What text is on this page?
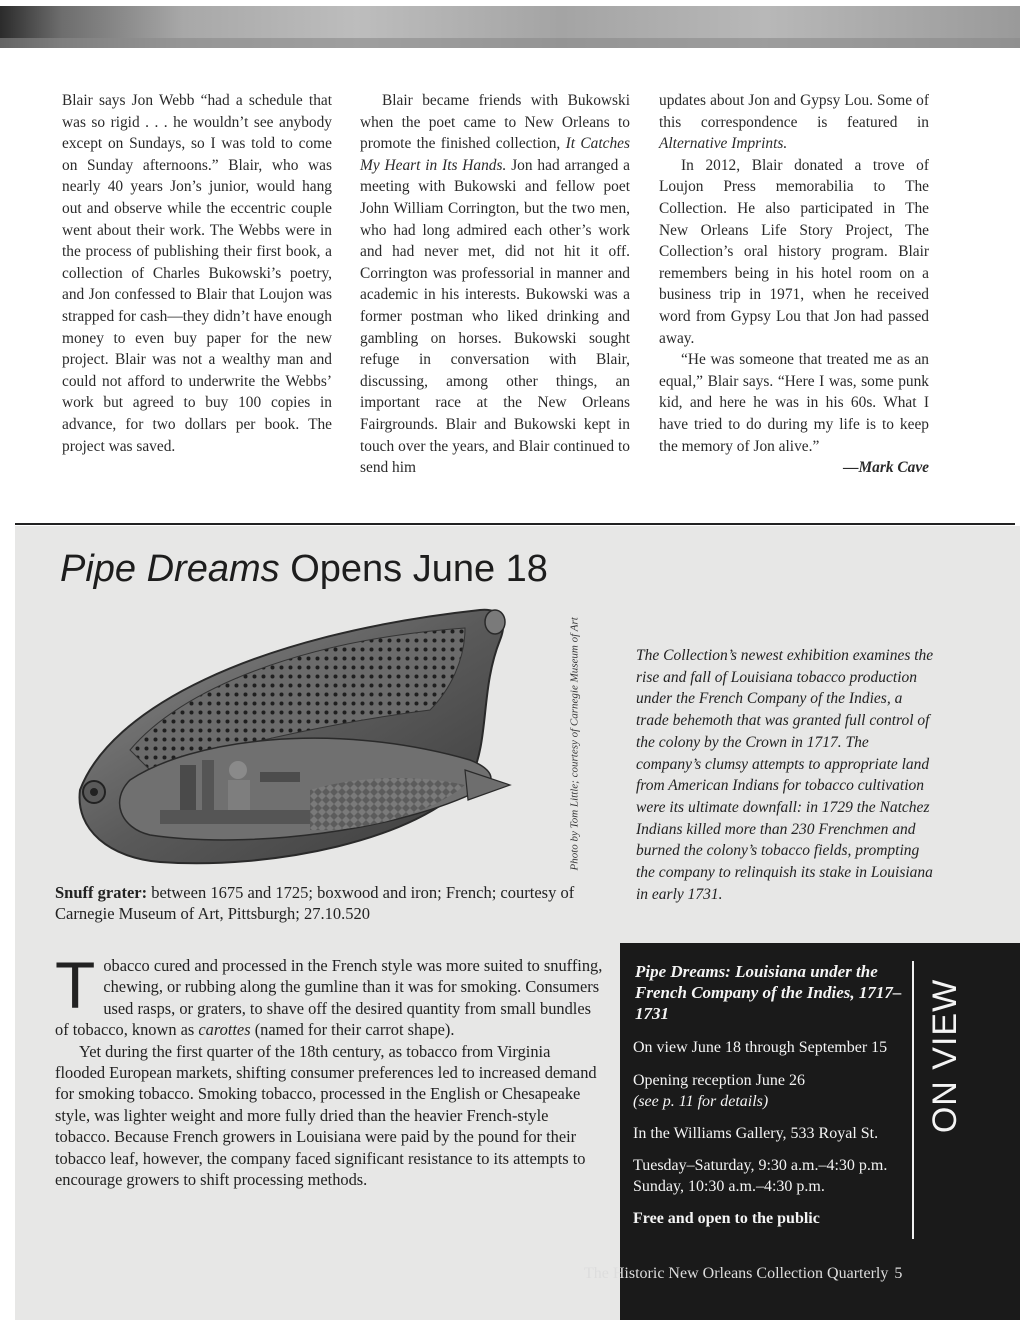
Blair says Jon Webb “had a schedule that was so rigid . . . he wouldn’t see anybody except on Sundays, so I was told to come on Sunday afternoons.” Blair, who was nearly 40 years Jon’s junior, would hang out and observe while the eccentric couple went about their work. The Webbs were in the process of publishing their first book, a collection of Charles Bukowski’s poetry, and Jon confessed to Blair that Loujon was strapped for cash—they didn’t have enough money to even buy paper for the new project. Blair was not a wealthy man and could not afford to underwrite the Webbs’ work but agreed to buy 100 copies in advance, for two dollars per book. The project was saved.

Blair became friends with Bukowski when the poet came to New Orleans to promote the finished collection, It Catches My Heart in Its Hands. Jon had arranged a meeting with Bukowski and fellow poet John William Corrington, but the two men, who had long admired each other’s work and had never met, did not hit it off. Corrington was professorial in manner and academic in his interests. Bukowski was a former postman who liked drinking and gambling on horses. Bukowski sought refuge in conversation with Blair, discussing, among other things, an important race at the New Orleans Fairgrounds. Blair and Bukowski kept in touch over the years, and Blair continued to send him

updates about Jon and Gypsy Lou. Some of this correspondence is featured in Alternative Imprints.

In 2012, Blair donated a trove of Loujon Press memorabilia to The Collection. He also participated in The New Orleans Life Story Project, The Collection’s oral history program. Blair remembers being in his hotel room on a business trip in 1971, when he received word from Gypsy Lou that Jon had passed away.

“He was someone that treated me as an equal,” Blair says. “Here I was, some punk kid, and here he was in his 60s. What I have tried to do during my life is to keep the memory of Jon alive.”

—Mark Cave

Pipe Dreams Opens June 18
Photo by Tom Little; courtesy of Carnegie Museum of Art
Snuff grater: between 1675 and 1725; boxwood and iron; French; courtesy of Carnegie Museum of Art, Pittsburgh; 27.10.520
The Collection’s newest exhibition examines the rise and fall of Louisiana tobacco production under the French Company of the Indies, a trade behemoth that was granted full control of the colony by the Crown in 1717. The company’s clumsy attempts to appropriate land from American Indians for tobacco cultivation were its ultimate downfall: in 1729 the Natchez Indians killed more than 230 Frenchmen and burned the colony’s tobacco fields, prompting the company to relinquish its stake in Louisiana in early 1731.

Tobacco cured and processed in the French style was more suited to snuffing, chewing, or rubbing along the gumline than it was for smoking. Consumers used rasps, or graters, to shave off the desired quantity from small bundles of tobacco, known as carottes (named for their carrot shape).

Yet during the first quarter of the 18th century, as tobacco from Virginia flooded European markets, shifting consumer preferences led to increased demand for smoking tobacco. Smoking tobacco, processed in the English or Chesapeake style, was lighter weight and more fully dried than the heavier French-style tobacco. Because French growers in Louisiana were paid by the pound for their tobacco leaf, however, the company faced significant resistance to its attempts to encourage growers to shift processing methods.

Pipe Dreams: Louisiana under the French Company of the Indies, 1717–1731
On view June 18 through September 15
Opening reception June 26
(see p. 11 for details)
In the Williams Gallery, 533 Royal St.
Tuesday–Saturday, 9:30 a.m.–4:30 p.m.
Sunday, 10:30 a.m.–4:30 p.m.
Free and open to the public
ON VIEW
The Historic New Orleans Collection Quarterly 5
